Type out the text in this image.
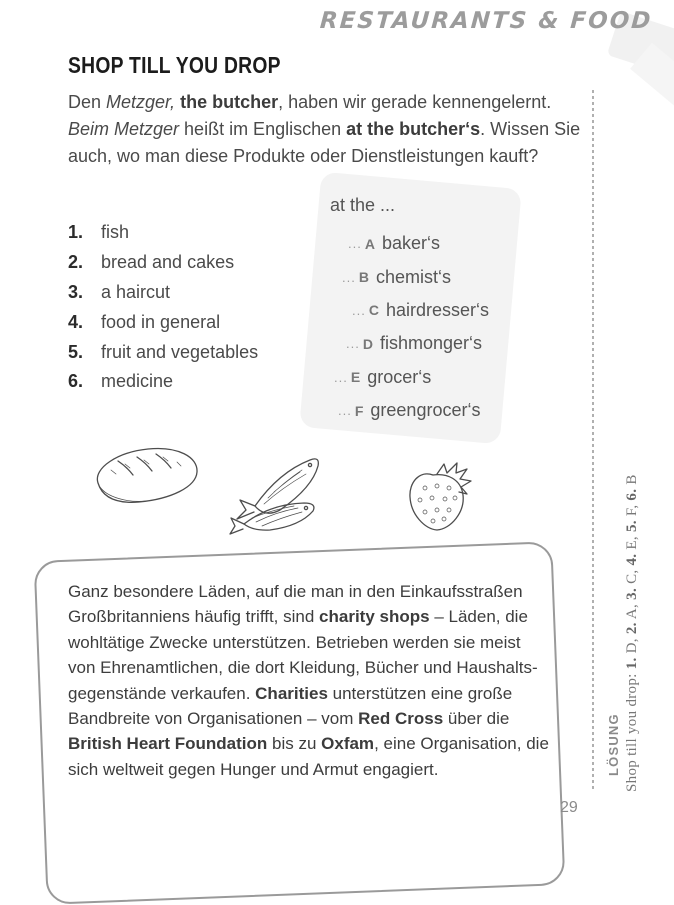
RESTAURANTS & FOOD
SHOP TILL YOU DROP
Den Metzger, the butcher, haben wir gerade kennengelernt.
Beim Metzger heißt im Englischen at the butcher‘s. Wissen Sie
auch, wo man diese Produkte oder Dienstleistungen kauft?
at the ...
1. fish
2. bread and cakes
3. a haircut
4. food in general
5. fruit and vegetables
6. medicine
... A baker‘s
... B chemist‘s
... C hairdresser‘s
... D fishmonger‘s
... E grocer‘s
... F greengrocer‘s
Ganz besondere Läden, auf die man in den Einkaufsstraßen
Großbritanniens häufig trifft, sind charity shops – Läden, die
wohltätige Zwecke unterstützen. Betrieben werden sie meist
von Ehrenamtlichen, die dort Kleidung, Bücher und Haushalts-
gegenstände verkaufen. Charities unterstützen eine große
Bandbreite von Organisationen – vom Red Cross über die
British Heart Foundation bis zu Oxfam, eine Organisation, die
sich weltweit gegen Hunger und Armut engagiert.	LÖSUNG Shop till you drop: 1. D, 2. A, 3. C, 4. E, 5. F, 6. B
29
